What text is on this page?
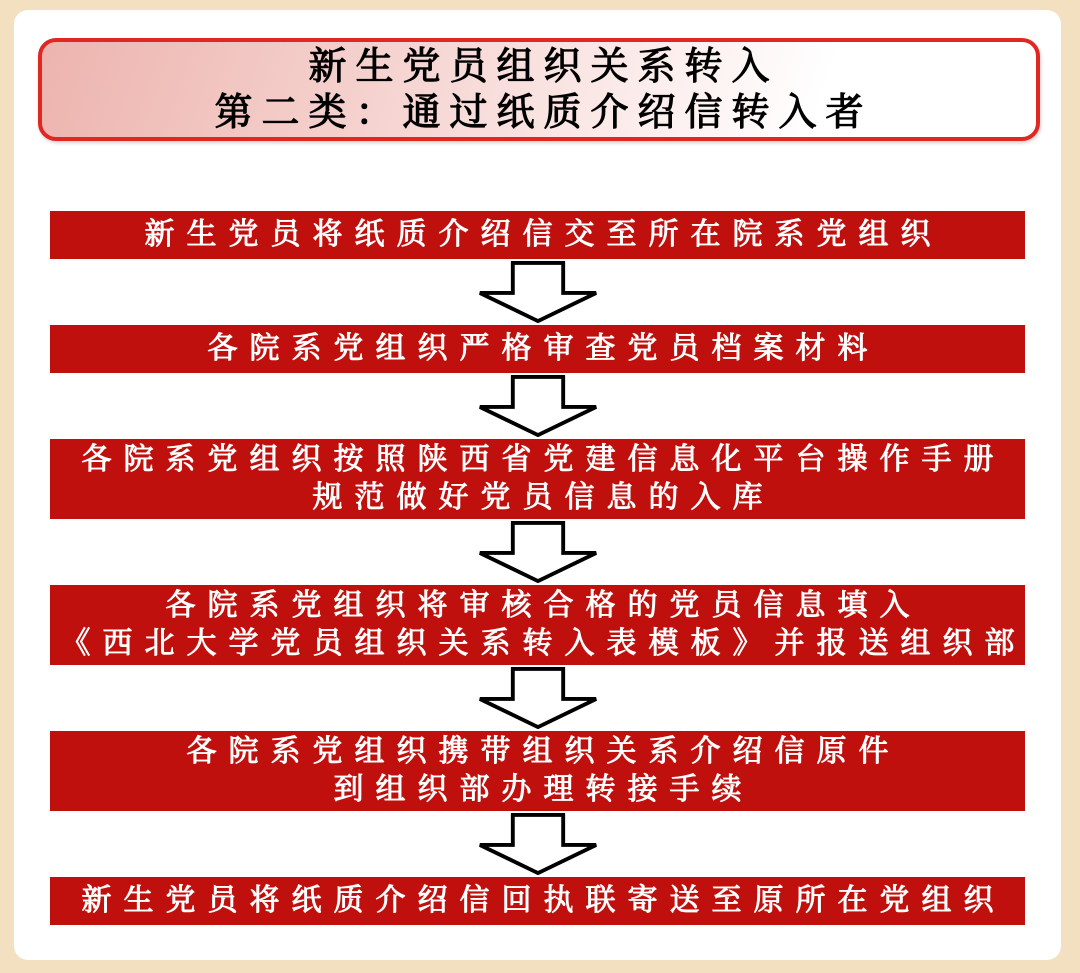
新生党员组织关系转入
第二类：通过纸质介绍信转入者
新生党员将纸质介绍信交至所在院系党组织
各院系党组织严格审查党员档案材料
各院系党组织按照陕西省党建信息化平台操作手册
规范做好党员信息的入库
各院系党组织将审核合格的党员信息填入
《西北大学党员组织关系转入表模板》并报送组织部
各院系党组织携带组织关系介绍信原件
到组织部办理转接手续
新生党员将纸质介绍信回执联寄送至原所在党组织
